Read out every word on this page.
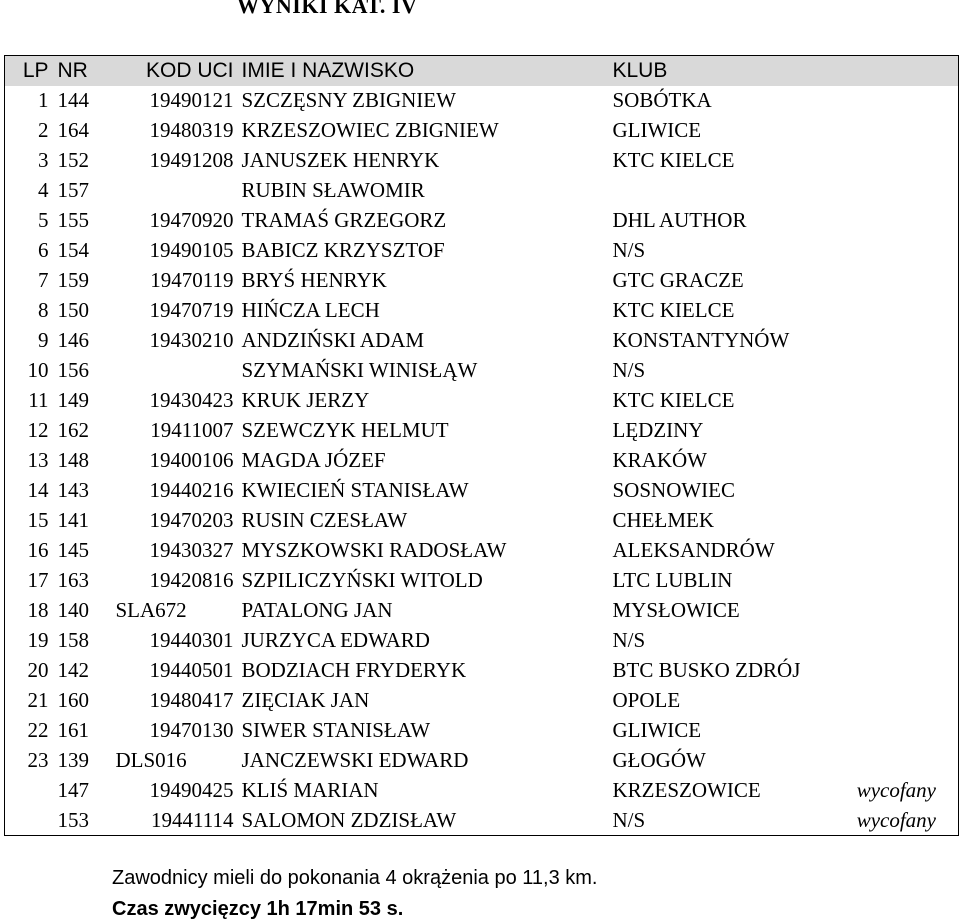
WYNIKI KAT. IV
LP	NR	KOD UCI	IMIE I NAZWISKO	KLUB	
1	144	19490121	SZCZĘSNY ZBIGNIEW	SOBÓTKA	
2	164	19480319	KRZESZOWIEC ZBIGNIEW	GLIWICE	
3	152	19491208	JANUSZEK HENRYK	KTC KIELCE	
4	157		RUBIN SŁAWOMIR		
5	155	19470920	TRAMAŚ GRZEGORZ	DHL AUTHOR	
6	154	19490105	BABICZ KRZYSZTOF	N/S	
7	159	19470119	BRYŚ HENRYK	GTC GRACZE	
8	150	19470719	HIŃCZA LECH	KTC KIELCE	
9	146	19430210	ANDZIŃSKI ADAM	KONSTANTYNÓW	
10	156		SZYMAŃSKI WINISŁĄW	N/S	
11	149	19430423	KRUK JERZY	KTC KIELCE	
12	162	19411007	SZEWCZYK HELMUT	LĘDZINY	
13	148	19400106	MAGDA JÓZEF	KRAKÓW	
14	143	19440216	KWIECIEŃ STANISŁAW	SOSNOWIEC	
15	141	19470203	RUSIN CZESŁAW	CHEŁMEK	
16	145	19430327	MYSZKOWSKI RADOSŁAW	ALEKSANDRÓW	
17	163	19420816	SZPILICZYŃSKI WITOLD	LTC LUBLIN	
18	140	SLA672	PATALONG JAN	MYSŁOWICE	
19	158	19440301	JURZYCA EDWARD	N/S	
20	142	19440501	BODZIACH FRYDERYK	BTC BUSKO ZDRÓJ	
21	160	19480417	ZIĘCIAK JAN	OPOLE	
22	161	19470130	SIWER STANISŁAW	GLIWICE	
23	139	DLS016	JANCZEWSKI EDWARD	GŁOGÓW	
	147	19490425	KLIŚ MARIAN	KRZESZOWICE	wycofany
	153	19441114	SALOMON ZDZISŁAW	N/S	wycofany
Zawodnicy mieli do pokonania 4 okrążenia po 11,3 km.
Czas zwycięzcy 1h 17min 53 s.
